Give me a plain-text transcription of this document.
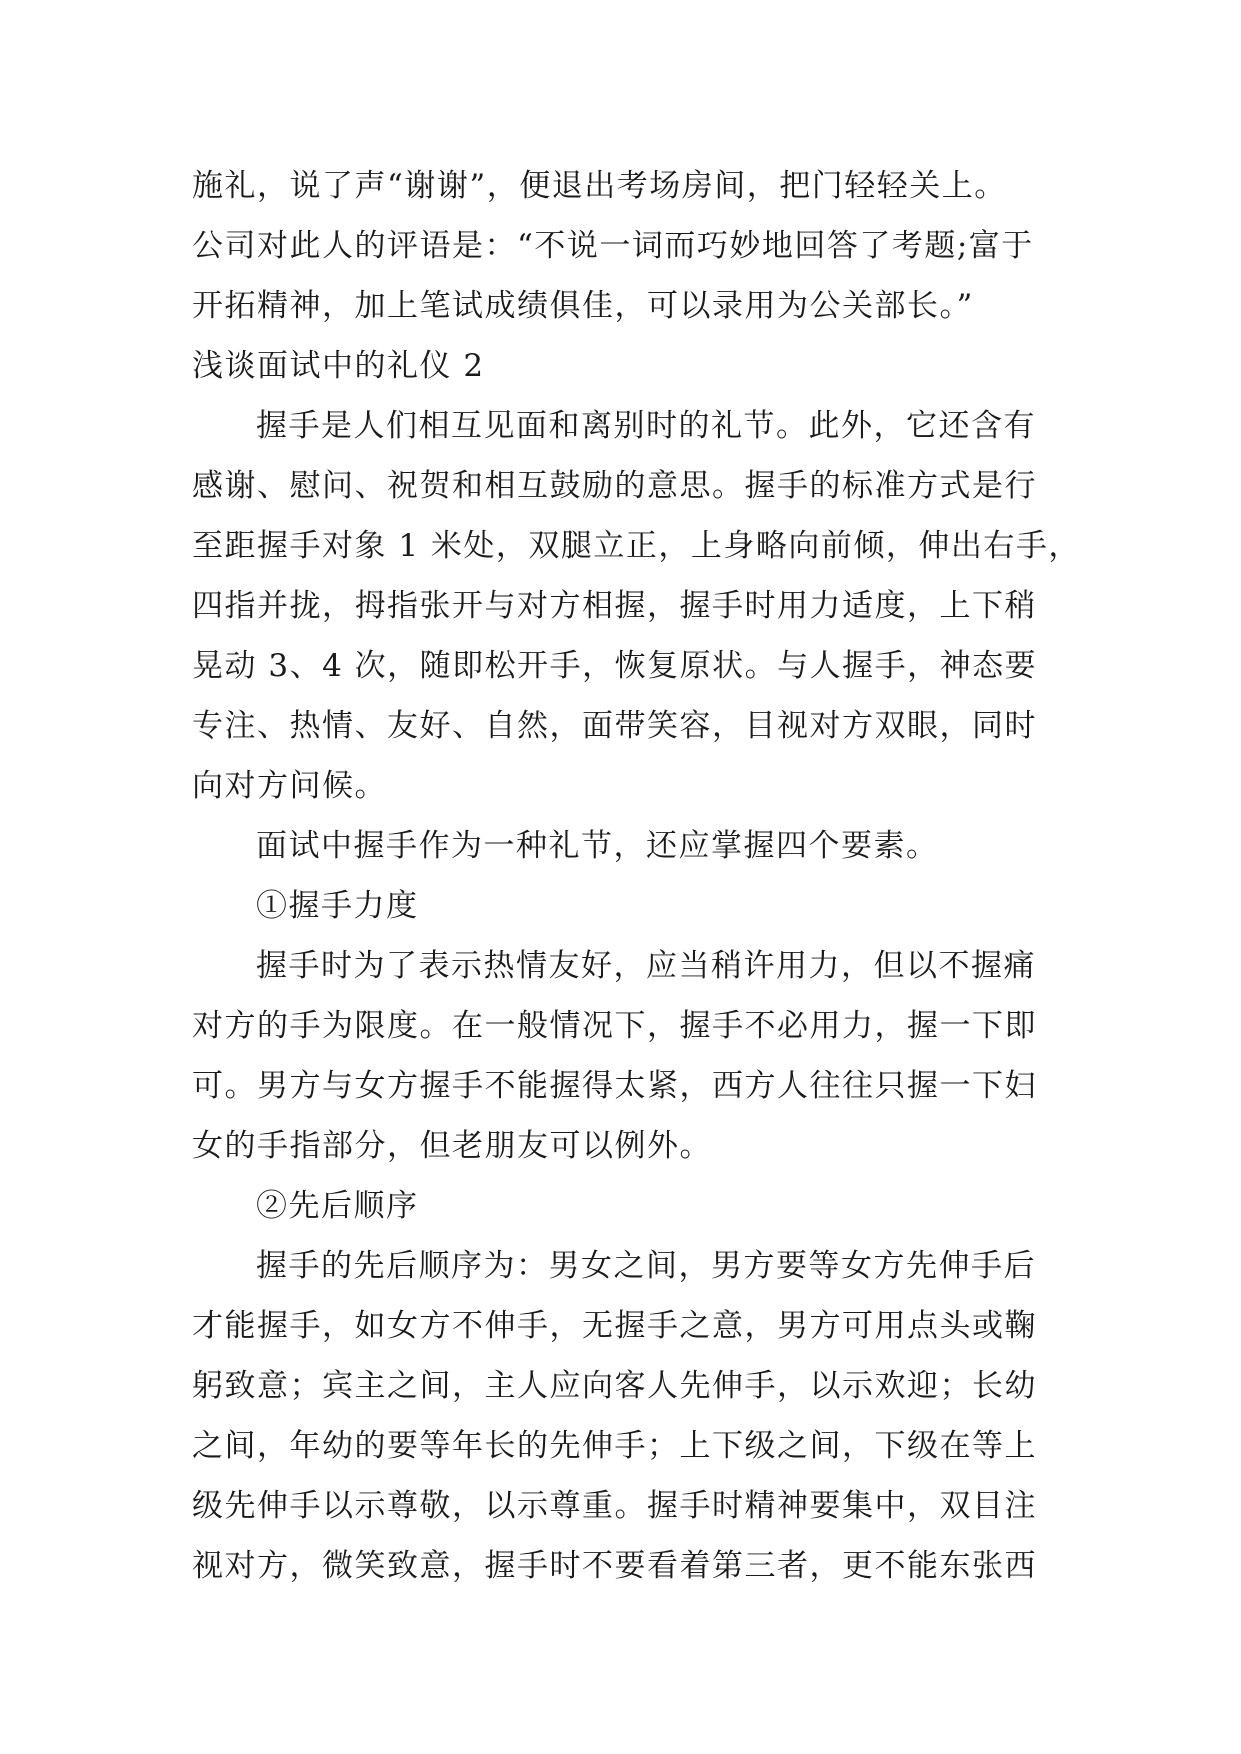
施礼，说了声“谢谢”，便退出考场房间，把门轻轻关上。
公司对此人的评语是：“不说一词而巧妙地回答了考题;富于
开拓精神，加上笔试成绩俱佳，可以录用为公关部长。”
浅谈面试中的礼仪 2
握手是人们相互见面和离别时的礼节。此外，它还含有
感谢、慰问、祝贺和相互鼓励的意思。握手的标准方式是行
至距握手对象 1 米处，双腿立正，上身略向前倾，伸出右手，
四指并拢，拇指张开与对方相握，握手时用力适度，上下稍
晃动 3、4 次，随即松开手，恢复原状。与人握手，神态要
专注、热情、友好、自然，面带笑容，目视对方双眼，同时
向对方问候。
面试中握手作为一种礼节，还应掌握四个要素。
①握手力度
握手时为了表示热情友好，应当稍许用力，但以不握痛
对方的手为限度。在一般情况下，握手不必用力，握一下即
可。男方与女方握手不能握得太紧，西方人往往只握一下妇
女的手指部分，但老朋友可以例外。
②先后顺序
握手的先后顺序为：男女之间，男方要等女方先伸手后
才能握手，如女方不伸手，无握手之意，男方可用点头或鞠
躬致意；宾主之间，主人应向客人先伸手，以示欢迎；长幼
之间，年幼的要等年长的先伸手；上下级之间，下级在等上
级先伸手以示尊敬，以示尊重。握手时精神要集中，双目注
视对方，微笑致意，握手时不要看着第三者，更不能东张西
